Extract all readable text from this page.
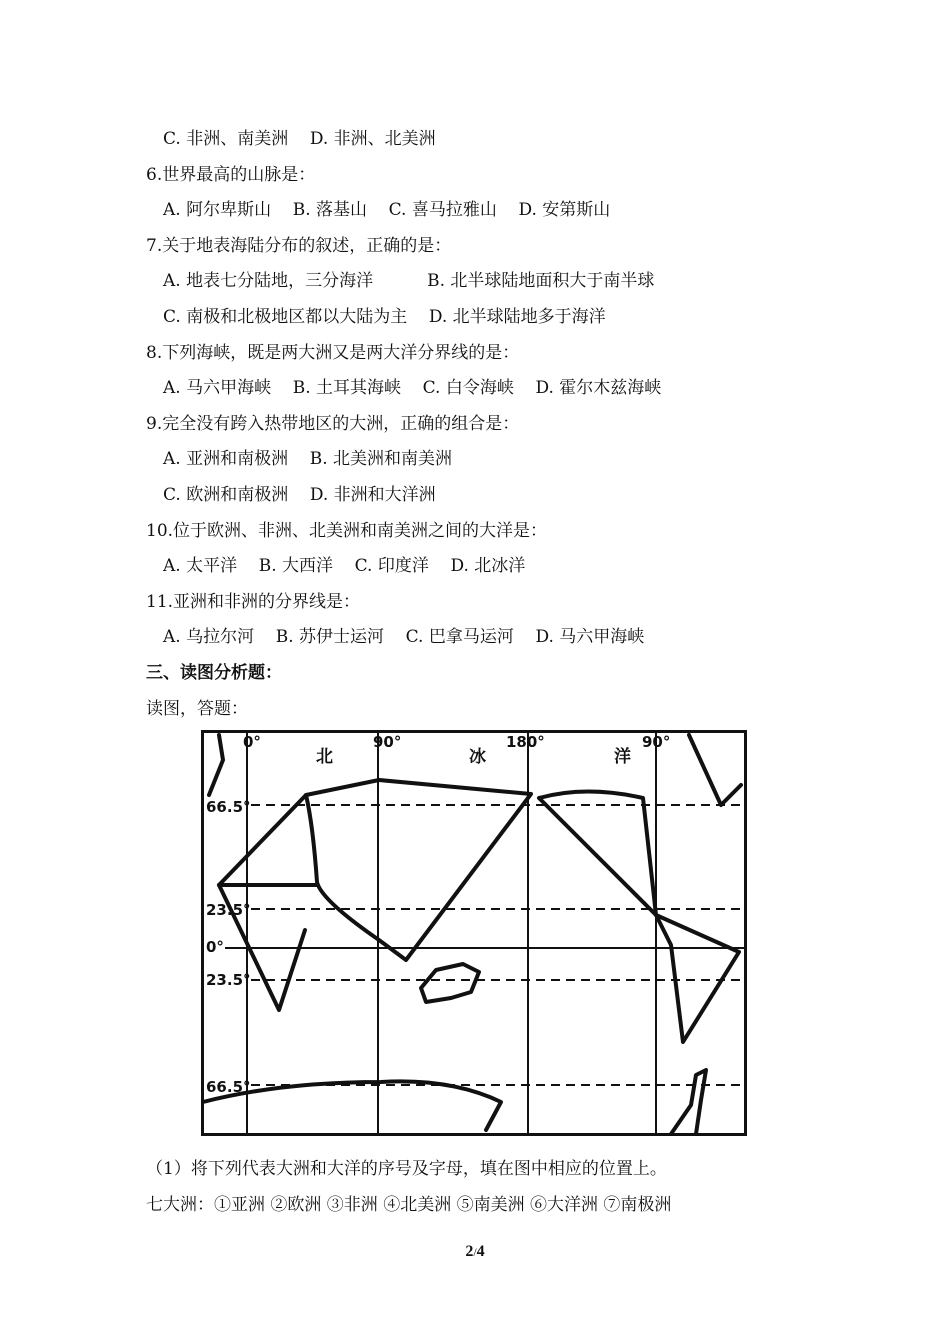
C. 非洲、南美洲    D. 非洲、北美洲
6.世界最高的山脉是：
A. 阿尔卑斯山    B. 落基山    C. 喜马拉雅山    D. 安第斯山
7.关于地表海陆分布的叙述，正确的是：
A. 地表七分陆地，三分海洋          B. 北半球陆地面积大于南半球
C. 南极和北极地区都以大陆为主    D. 北半球陆地多于海洋
8.下列海峡，既是两大洲又是两大洋分界线的是：
A. 马六甲海峡    B. 土耳其海峡    C. 白令海峡    D. 霍尔木兹海峡
9.完全没有跨入热带地区的大洲，正确的组合是：
A. 亚洲和南极洲    B. 北美洲和南美洲
C. 欧洲和南极洲    D. 非洲和大洋洲
10.位于欧洲、非洲、北美洲和南美洲之间的大洋是：
A. 太平洋    B. 大西洋    C. 印度洋    D. 北冰洋
11.亚洲和非洲的分界线是：
A. 乌拉尔河    B. 苏伊士运河    C. 巴拿马运河    D. 马六甲海峡
三、读图分析题：
读图，答题：
（1）将下列代表大洲和大洋的序号及字母，填在图中相应的位置上。
七大洲：①亚洲 ②欧洲 ③非洲 ④北美洲 ⑤南美洲 ⑥大洋洲 ⑦南极洲
66.5°
23.5°
0°
23.5°
66.5°
0°	90°	180°	90°
北	冰	洋
2/4
